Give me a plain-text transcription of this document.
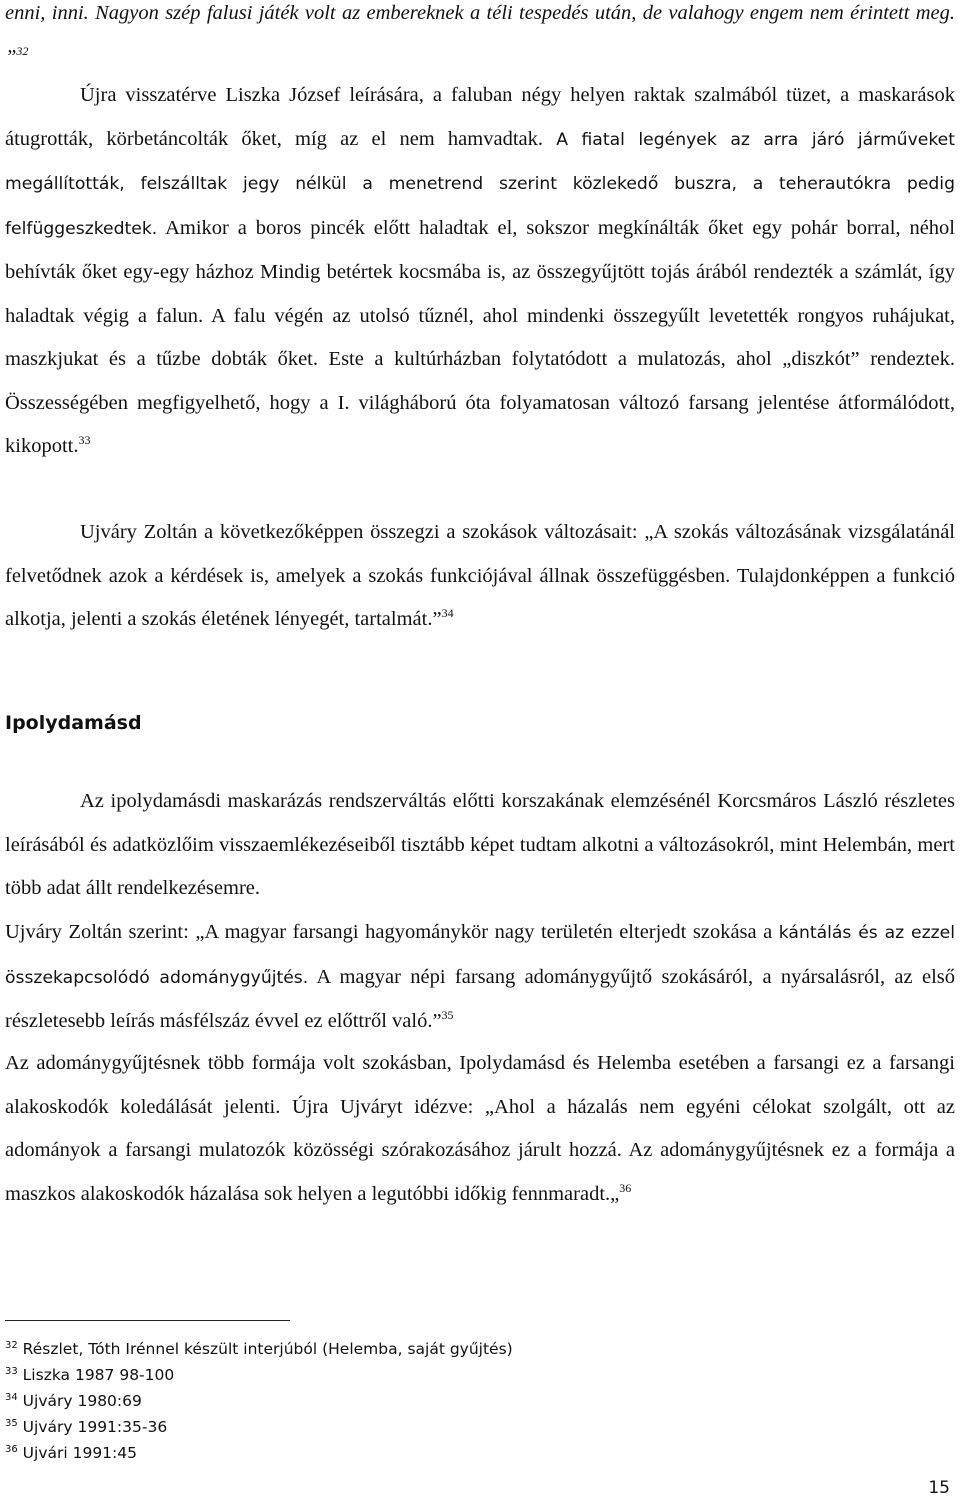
enni, inni. Nagyon szép falusi játék volt az embereknek a téli tespedés után, de valahogy engem nem érintett meg. ”$^{32}$

Újra visszatérve Liszka József leírására, a faluban négy helyen raktak szalmából tüzet, a maskarások átugrották, körbetáncolták őket, míg az el nem hamvadtak. A fiatal legények az arra járó járműveket megállították, felszálltak jegy nélkül a menetrend szerint közlekedő buszra, a teherautókra pedig felfüggeszkedtek. Amikor a boros pincék előtt haladtak el, sokszor megkínálták őket egy pohár borral, néhol behívták őket egy-egy házhoz Mindig betértek kocsmába is, az összegyűjtött tojás árából rendezték a számlát, így haladtak végig a falun. A falu végén az utolsó tűznél, ahol mindenki összegyűlt levetették rongyos ruhájukat, maszkjukat és a tűzbe dobták őket. Este a kultúrházban folytatódott a mulatozás, ahol „diszkót” rendeztek. Összességében megfigyelhető, hogy a I. világháború óta folyamatosan változó farsang jelentése átformálódott, kikopott.$^{33}$

Ujváry Zoltán a következőképpen összegzi a szokások változásait: „A szokás változásának vizsgálatánál felvetődnek azok a kérdések is, amelyek a szokás funkciójával állnak összefüggésben. Tulajdonképpen a funkció alkotja, jelenti a szokás életének lényegét, tartalmát.”$^{34}$

Ipolydamásd

Az ipolydamásdi maskarázás rendszerváltás előtti korszakának elemzésénél Korcsmáros László részletes leírásából és adatközlőim visszaemlékezéseiből tisztább képet tudtam alkotni a változásokról, mint Helembán, mert több adat állt rendelkezésemre.

Ujváry Zoltán szerint: „A magyar farsangi hagyománykör nagy területén elterjedt szokása a kántálás és az ezzel összekapcsolódó adománygyűjtés. A magyar népi farsang adománygyűjtő szokásáról, a nyársalásról, az első részletesebb leírás másfélszáz évvel ez előttről való.”$^{35}$

Az adománygyűjtésnek több formája volt szokásban, Ipolydamásd és Helemba esetében a farsangi ez a farsangi alakoskodók koledálását jelenti. Újra Ujváryt idézve: „Ahol a házalás nem egyéni célokat szolgált, ott az adományok a farsangi mulatozók közösségi szórakozásához járult hozzá. Az adománygyűjtésnek ez a formája a maszkos alakoskodók házalása sok helyen a legutóbbi időkig fennmaradt.„$^{36}$

$^{32}$ Részlet, Tóth Irénnel készült interjúból (Helemba, saját gyűjtés)
$^{33}$ Liszka 1987 98-100
$^{34}$ Ujváry 1980:69
$^{35}$ Ujváry 1991:35-36
$^{36}$ Ujvári 1991:45
15
